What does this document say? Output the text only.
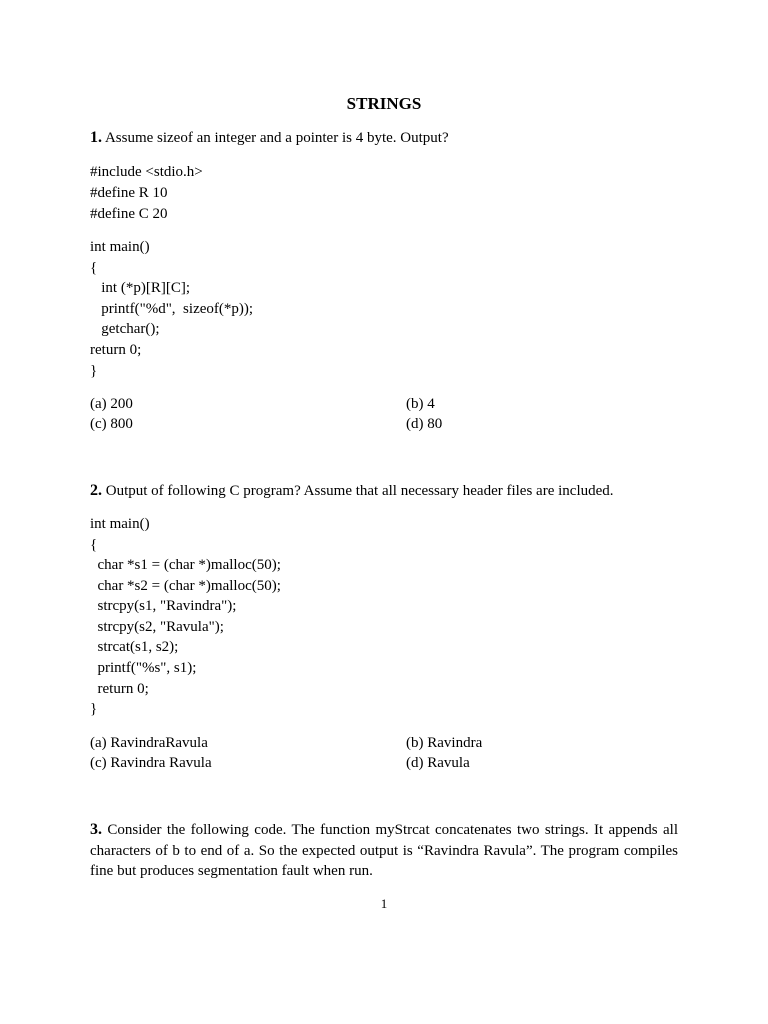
STRINGS
1. Assume sizeof an integer and a pointer is 4 byte. Output?
#include <stdio.h>
#define R 10
#define C 20
int main()
{
int (*p)[R][C];
printf("%d",  sizeof(*p));
getchar();
return 0;
}
(a) 200	(b) 4
(c) 800	(d) 80
2. Output of following C program? Assume that all necessary header files are included.
int main()
{
char *s1 = (char *)malloc(50);
char *s2 = (char *)malloc(50);
strcpy(s1, "Ravindra");
strcpy(s2, "Ravula");
strcat(s1, s2);
printf("%s", s1);
return 0;
}
(a) RavindraRavula	(b) Ravindra
(c) Ravindra Ravula	(d) Ravula
3. Consider the following code. The function myStrcat concatenates two strings. It appends all characters of b to end of a. So the expected output is “Ravindra Ravula”. The program compiles fine but produces segmentation fault when run.
1
